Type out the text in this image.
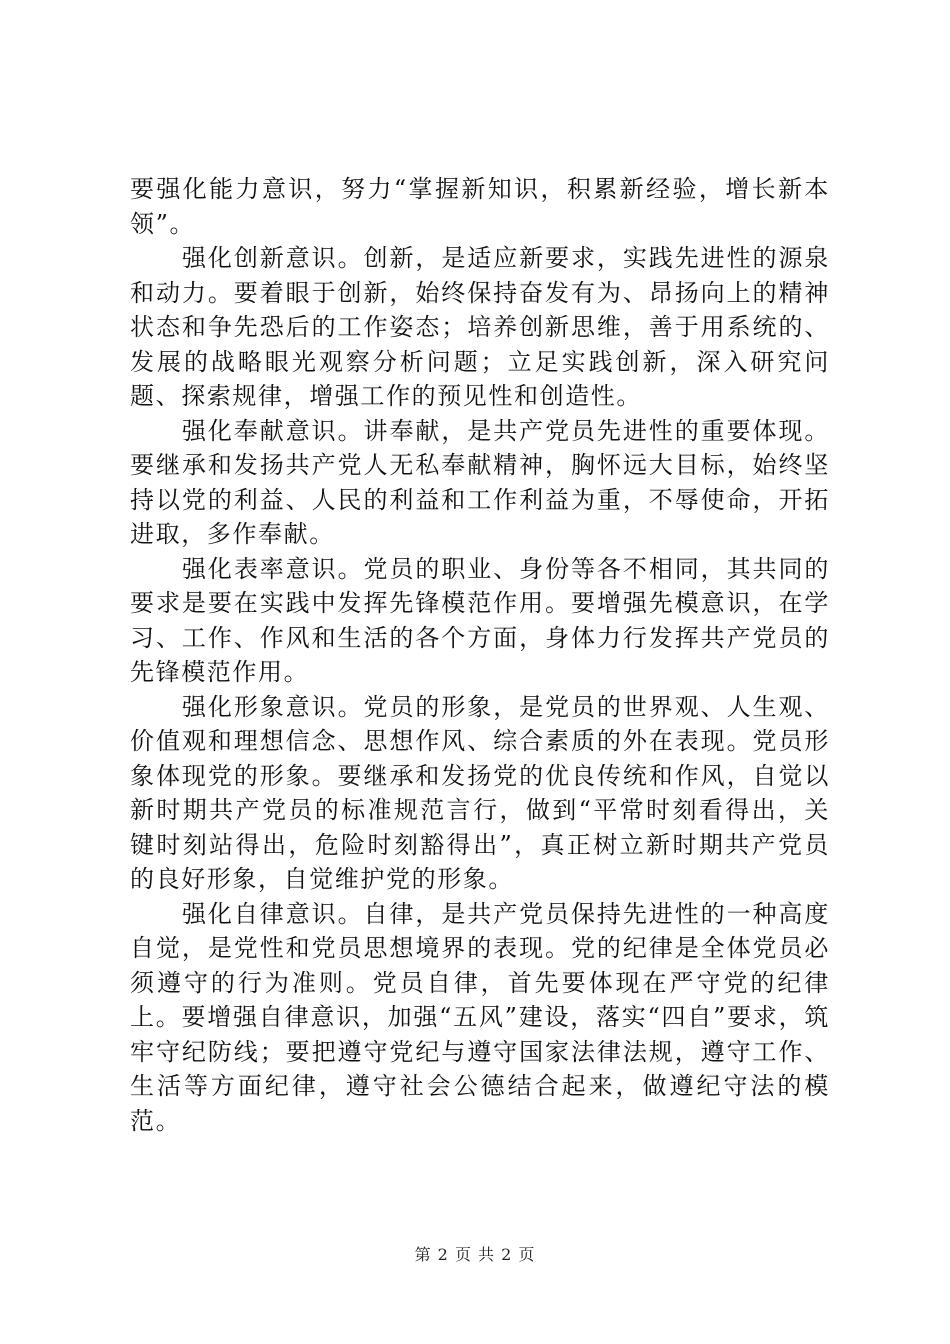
要强化能力意识，努力“掌握新知识，积累新经验，增长新本领”。

强化创新意识。创新，是适应新要求，实践先进性的源泉和动力。要着眼于创新，始终保持奋发有为、昂扬向上的精神状态和争先恐后的工作姿态；培养创新思维，善于用系统的、发展的战略眼光观察分析问题；立足实践创新，深入研究问题、探索规律，增强工作的预见性和创造性。

强化奉献意识。讲奉献，是共产党员先进性的重要体现。要继承和发扬共产党人无私奉献精神，胸怀远大目标，始终坚持以党的利益、人民的利益和工作利益为重，不辱使命，开拓进取，多作奉献。

强化表率意识。党员的职业、身份等各不相同，其共同的要求是要在实践中发挥先锋模范作用。要增强先模意识，在学习、工作、作风和生活的各个方面，身体力行发挥共产党员的先锋模范作用。

强化形象意识。党员的形象，是党员的世界观、人生观、价值观和理想信念、思想作风、综合素质的外在表现。党员形象体现党的形象。要继承和发扬党的优良传统和作风，自觉以新时期共产党员的标准规范言行，做到“平常时刻看得出，关键时刻站得出，危险时刻豁得出”，真正树立新时期共产党员的良好形象，自觉维护党的形象。

强化自律意识。自律，是共产党员保持先进性的一种高度自觉，是党性和党员思想境界的表现。党的纪律是全体党员必须遵守的行为准则。党员自律，首先要体现在严守党的纪律上。要增强自律意识，加强“五风”建设，落实“四自”要求，筑牢守纪防线；要把遵守党纪与遵守国家法律法规，遵守工作、生活等方面纪律，遵守社会公德结合起来，做遵纪守法的模范。

第 2 页 共 2 页
